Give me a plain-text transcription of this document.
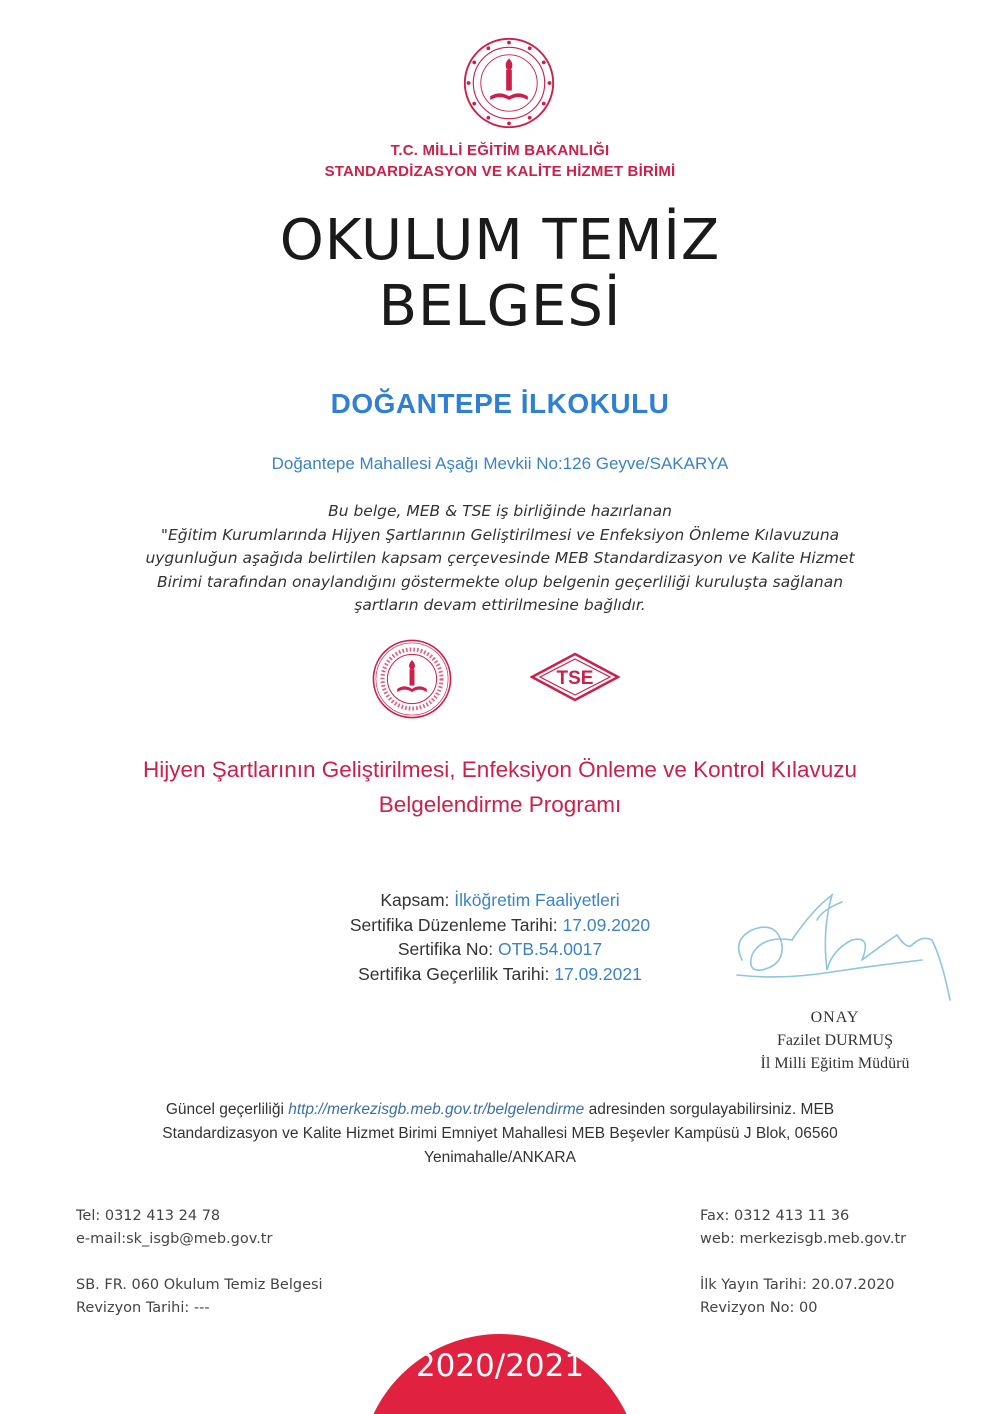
T.C. MİLLİ EĞİTİM BAKANLIĞI
STANDARDİZASYON VE KALİTE HİZMET BİRİMİ
OKULUM TEMİZ
BELGESİ
DOĞANTEPE İLKOKULU
Doğantepe Mahallesi Aşağı Mevkii No:126 Geyve/SAKARYA
Bu belge, MEB & TSE iş birliğinde hazırlanan
"Eğitim Kurumlarında Hijyen Şartlarının Geliştirilmesi ve Enfeksiyon Önleme Kılavuzuna
uygunluğun aşağıda belirtilen kapsam çerçevesinde MEB Standardizasyon ve Kalite Hizmet
Birimi tarafından onaylandığını göstermekte olup belgenin geçerliliği kuruluşta sağlanan
şartların devam ettirilmesine bağlıdır.
TSE
Hijyen Şartlarının Geliştirilmesi, Enfeksiyon Önleme ve Kontrol Kılavuzu
Belgelendirme Programı
Kapsam: İlköğretim Faaliyetleri
Sertifika Düzenleme Tarihi: 17.09.2020
Sertifika No: OTB.54.0017
Sertifika Geçerlilik Tarihi: 17.09.2021
ONAY
Fazilet DURMUŞ
İl Milli Eğitim Müdürü
Güncel geçerliliği http://merkezisgb.meb.gov.tr/belgelendirme adresinden sorgulayabilirsiniz. MEB
Standardizasyon ve Kalite Hizmet Birimi Emniyet Mahallesi MEB Beşevler Kampüsü J Blok, 06560
Yenimahalle/ANKARA
Tel: 0312 413 24 78
e-mail:sk_isgb@meb.gov.tr
Fax: 0312 413 11 36
web: merkezisgb.meb.gov.tr
SB. FR. 060 Okulum Temiz Belgesi
Revizyon Tarihi: ---
İlk Yayın Tarihi: 20.07.2020
Revizyon No: 00
2020/2021
